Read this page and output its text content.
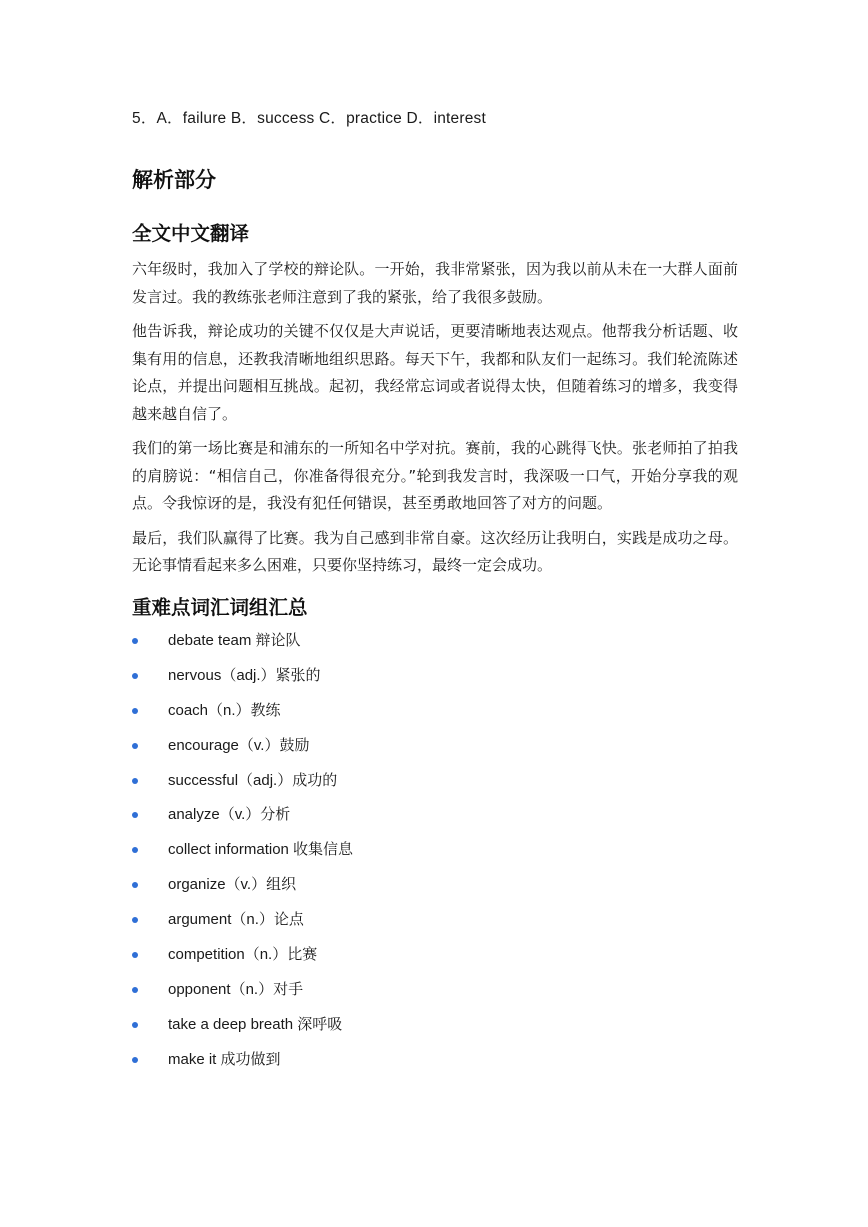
5．A．failure B．success C．practice D．interest
解析部分
全文中文翻译

六年级时，我加入了学校的辩论队。一开始，我非常紧张，因为我以前从未在一大群人面前发言过。我的教练张老师注意到了我的紧张，给了我很多鼓励。

他告诉我，辩论成功的关键不仅仅是大声说话，更要清晰地表达观点。他帮我分析话题、收集有用的信息，还教我清晰地组织思路。每天下午，我都和队友们一起练习。我们轮流陈述论点，并提出问题相互挑战。起初，我经常忘词或者说得太快，但随着练习的增多，我变得越来越自信了。

我们的第一场比赛是和浦东的一所知名中学对抗。赛前，我的心跳得飞快。张老师拍了拍我的肩膀说：“相信自己，你准备得很充分。”轮到我发言时，我深吸一口气，开始分享我的观点。令我惊讶的是，我没有犯任何错误，甚至勇敢地回答了对方的问题。

最后，我们队赢得了比赛。我为自己感到非常自豪。这次经历让我明白，实践是成功之母。无论事情看起来多么困难，只要你坚持练习，最终一定会成功。

重难点词汇词组汇总
debate team 辩论队
nervous（adj.）紧张的
coach（n.）教练
encourage（v.）鼓励
successful（adj.）成功的
analyze（v.）分析
collect information 收集信息
organize（v.）组织
argument（n.）论点
competition（n.）比赛
opponent（n.）对手
take a deep breath 深呼吸
make it 成功做到
